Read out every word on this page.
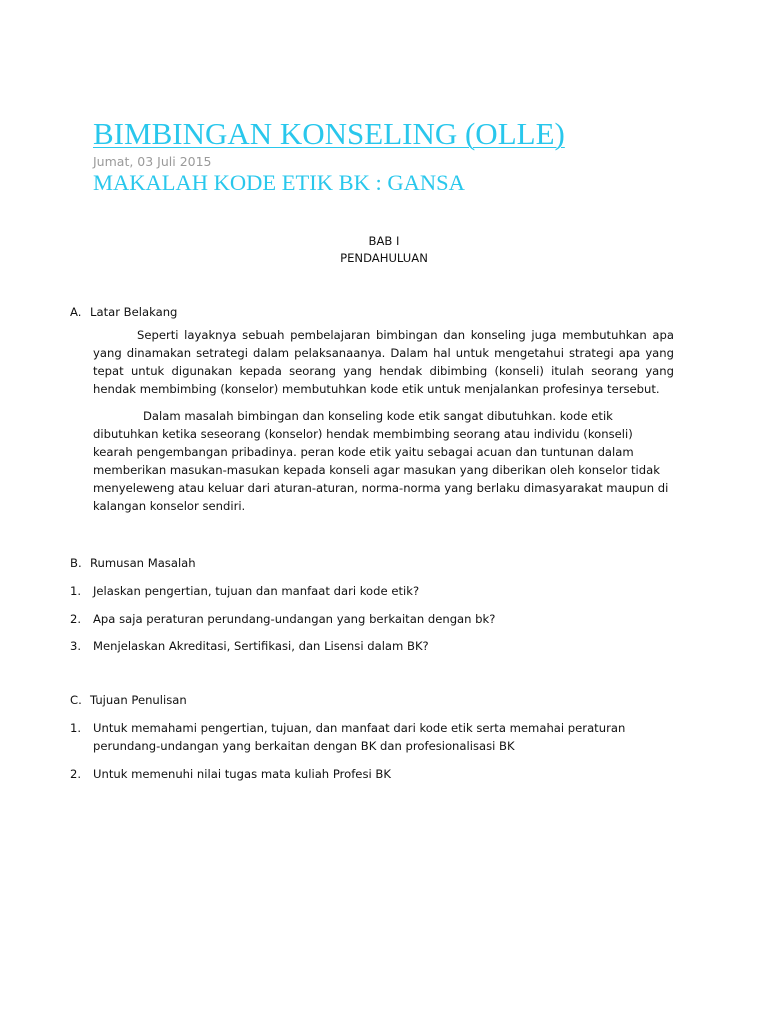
BIMBINGAN KONSELING (OLLE)
Jumat, 03 Juli 2015
MAKALAH KODE ETIK BK : GANSA
BAB I
PENDAHULUAN
A. Latar Belakang

Seperti layaknya sebuah pembelajaran bimbingan dan konseling juga membutuhkan apa yang dinamakan setrategi dalam pelaksanaanya. Dalam hal untuk mengetahui strategi apa yang tepat untuk digunakan kepada seorang yang hendak dibimbing (konseli) itulah seorang yang hendak membimbing (konselor) membutuhkan kode etik untuk menjalankan profesinya tersebut.

Dalam masalah bimbingan dan konseling kode etik sangat dibutuhkan. kode etik dibutuhkan ketika seseorang (konselor) hendak membimbing seorang atau individu (konseli) kearah pengembangan pribadinya. peran kode etik yaitu sebagai acuan dan tuntunan dalam memberikan masukan-masukan kepada konseli agar masukan yang diberikan oleh konselor tidak menyeleweng atau keluar dari aturan-aturan, norma-norma yang berlaku dimasyarakat maupun di kalangan konselor sendiri.

B. Rumusan Masalah
1. Jelaskan pengertian, tujuan dan manfaat dari kode etik?
2. Apa saja peraturan perundang-undangan yang berkaitan dengan bk?
3. Menjelaskan Akreditasi, Sertifikasi, dan Lisensi dalam BK?
C. Tujuan Penulisan
1. Untuk memahami pengertian, tujuan, dan manfaat dari kode etik serta memahai peraturan perundang-undangan yang berkaitan dengan BK dan profesionalisasi BK
2. Untuk memenuhi nilai tugas mata kuliah Profesi BK
